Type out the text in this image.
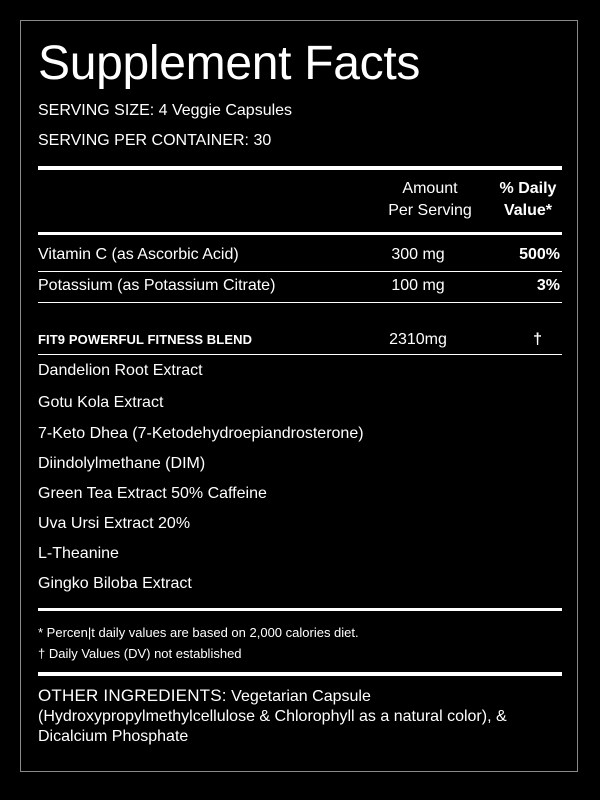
Supplement Facts
SERVING SIZE: 4 Veggie Capsules
SERVING PER CONTAINER: 30
Amount
Per Serving
% Daily
Value*
Vitamin C (as Ascorbic Acid)	300 mg	500%
Potassium (as Potassium Citrate)	100 mg	3%
FIT9 POWERFUL FITNESS BLEND	2310mg	†
Dandelion Root Extract
Gotu Kola Extract
7-Keto Dhea (7-Ketodehydroepiandrosterone)
Diindolylmethane (DIM)
Green Tea Extract 50% Caffeine
Uva Ursi Extract 20%
L-Theanine
Gingko Biloba Extract
* Percen|t daily values are based on 2,000 calories diet.
† Daily Values (DV) not established
OTHER INGREDIENTS: Vegetarian Capsule (Hydroxypropylmethylcellulose & Chlorophyll as a natural color), & Dicalcium Phosphate
